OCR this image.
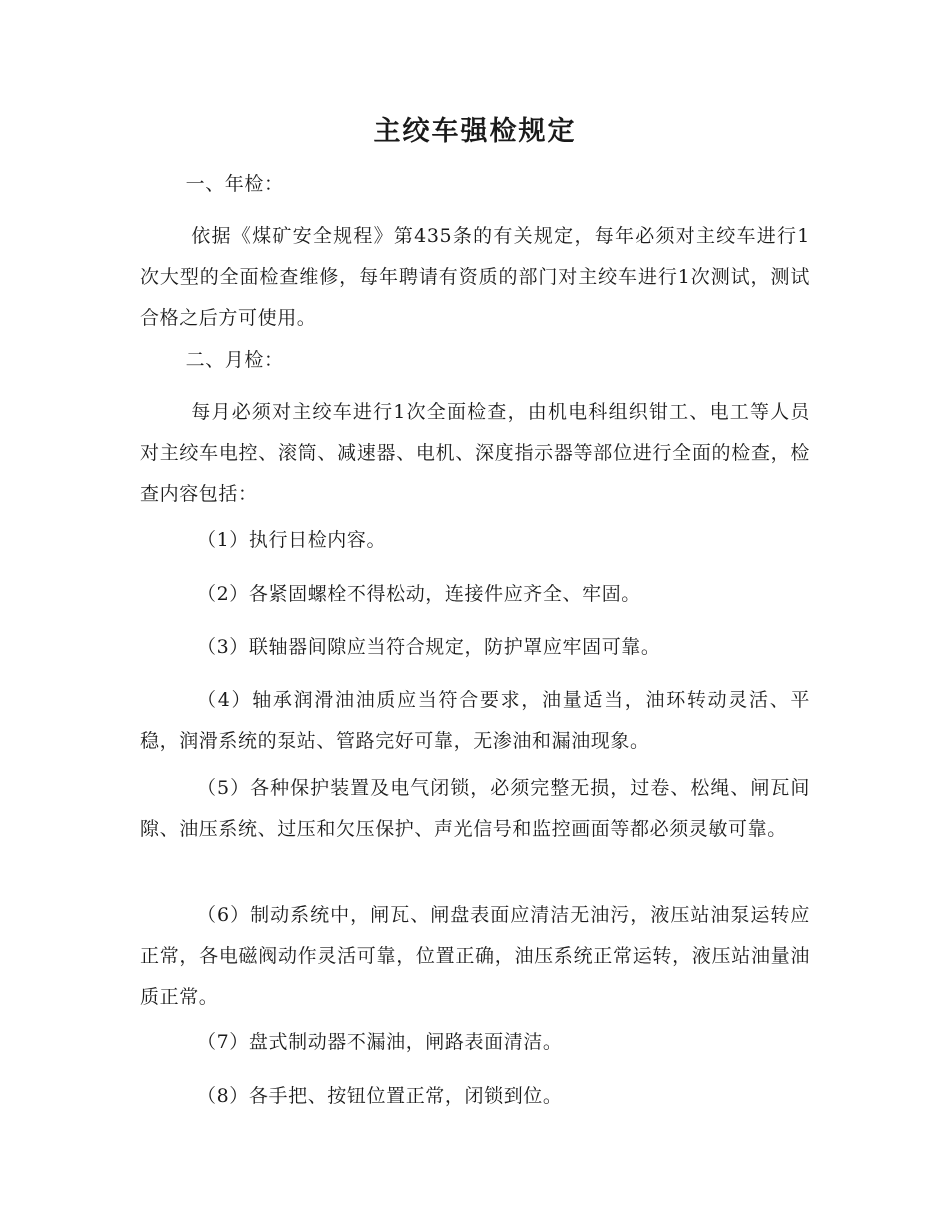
主绞车强检规定

一、年检：

依据《煤矿安全规程》第435条的有关规定，每年必须对主绞车进行1次大型的全面检查维修，每年聘请有资质的部门对主绞车进行1次测试，测试合格之后方可使用。

二、月检：

每月必须对主绞车进行1次全面检查，由机电科组织钳工、电工等人员对主绞车电控、滚筒、减速器、电机、深度指示器等部位进行全面的检查，检查内容包括：

（1）执行日检内容。

（2）各紧固螺栓不得松动，连接件应齐全、牢固。

（3）联轴器间隙应当符合规定，防护罩应牢固可靠。

（4）轴承润滑油油质应当符合要求，油量适当，油环转动灵活、平稳，润滑系统的泵站、管路完好可靠，无渗油和漏油现象。

（5）各种保护装置及电气闭锁，必须完整无损，过卷、松绳、闸瓦间隙、油压系统、过压和欠压保护、声光信号和监控画面等都必须灵敏可靠。

（6）制动系统中，闸瓦、闸盘表面应清洁无油污，液压站油泵运转应正常，各电磁阀动作灵活可靠，位置正确，油压系统正常运转，液压站油量油质正常。

（7）盘式制动器不漏油，闸路表面清洁。

（8）各手把、按钮位置正常，闭锁到位。
